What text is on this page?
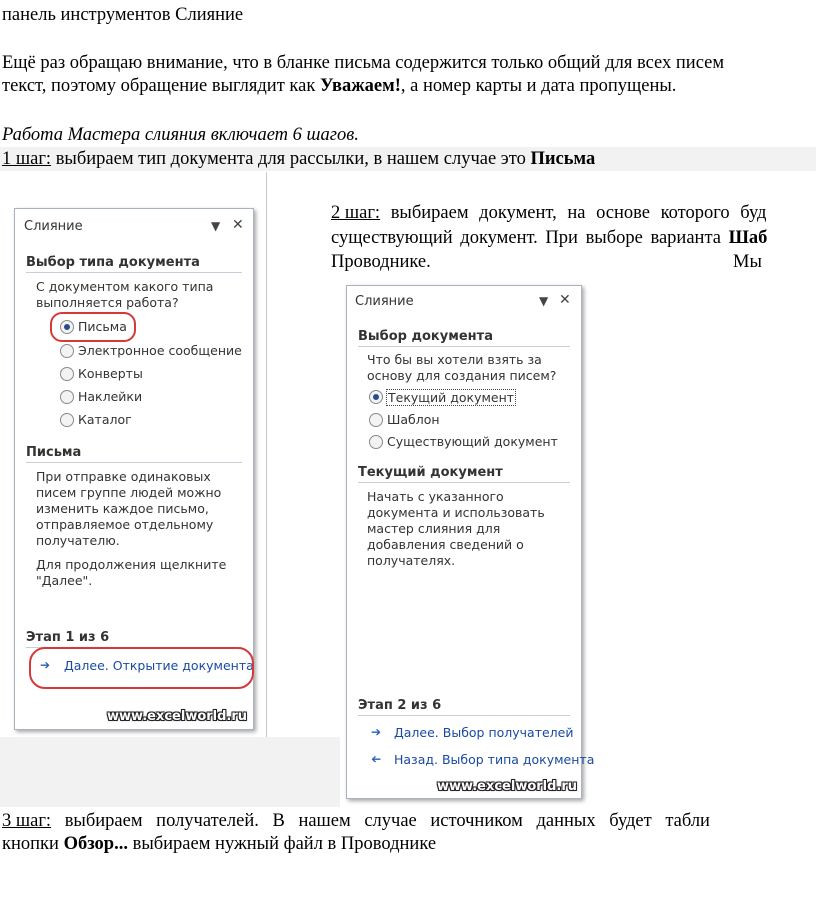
панель инструментов Слияние
Ещё раз обращаю внимание, что в бланке письма содержится только общий для всех писем
текст, поэтому обращение выглядит как Уважаем!, а номер карты и дата пропущены.
Работа Мастера слияния включает 6 шагов.
1 шаг: выбираем тип документа для рассылки, в нашем случае это Письма
2 шаг: выбираем документ, на основе которого буд
существующий документ. При выборе варианта Шаб
Проводнике.	Мы
3 шаг: выбираем получателей. В нашем случае источником данных будет табли
кнопки Обзор... выбираем нужный файл в Проводнике
Слияние	▼ ✕
Выбор типа документа
С документом какого типа
выполняется работа?
Письма
Электронное сообщение
Конверты
Наклейки
Каталог
Письма
При отправке одинаковых
писем группе людей можно
изменить каждое письмо,
отправляемое отдельному
получателю.
Для продолжения щелкните
"Далее".
Этап 1 из 6
➔ Далее. Открытие документа
www.excelworld.ru
Слияние	▼ ✕
Выбор документа
Что бы вы хотели взять за
основу для создания писем?
Текущий документ
Шаблон
Существующий документ
Текущий документ
Начать с указанного
документа и использовать
мастер слияния для
добавления сведений о
получателях.
Этап 2 из 6
➔ Далее. Выбор получателей
➔ Назад. Выбор типа документа
www.excelworld.ru
